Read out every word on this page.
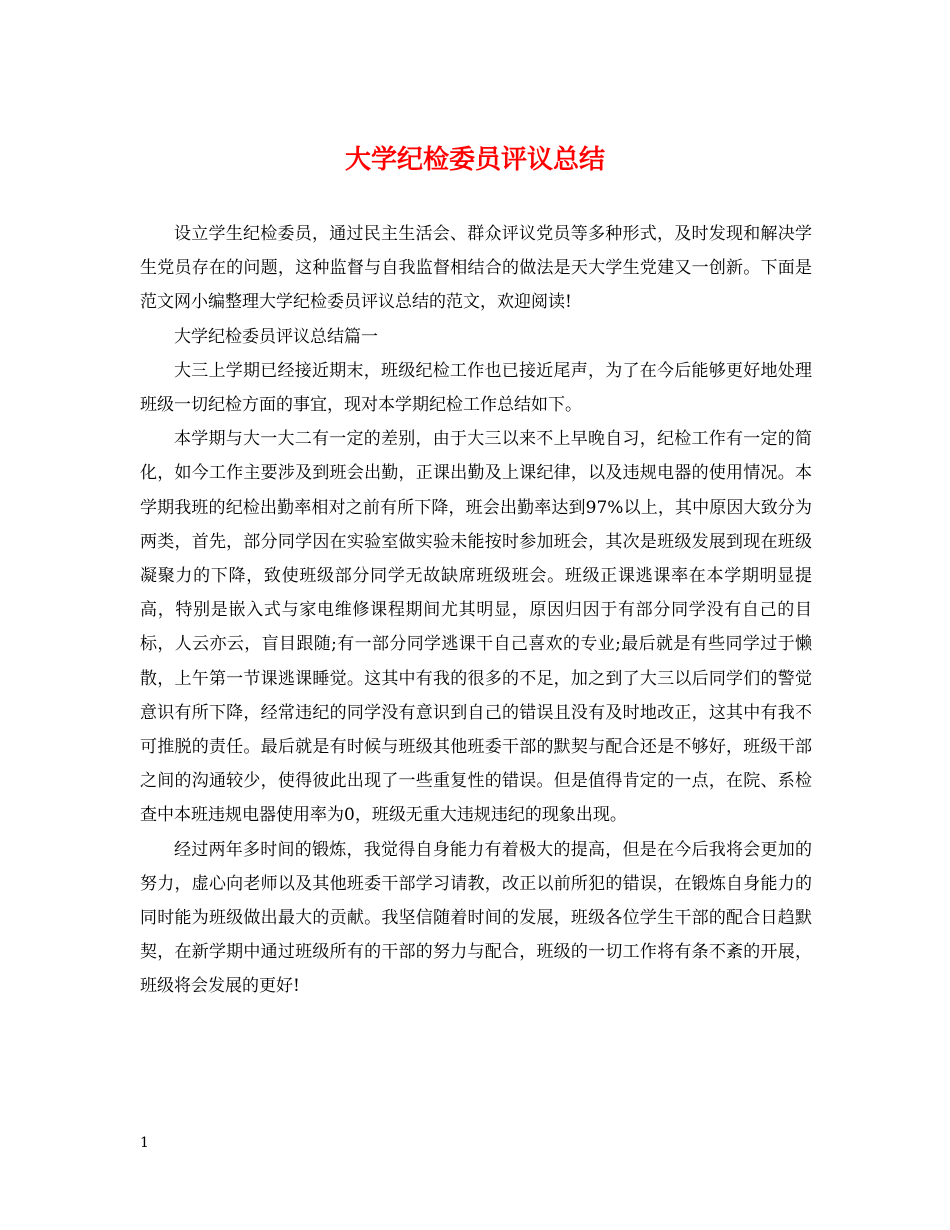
大学纪检委员评议总结

设立学生纪检委员，通过民主生活会、群众评议党员等多种形式，及时发现和解决学生党员存在的问题，这种监督与自我监督相结合的做法是天大学生党建又一创新。下面是范文网小编整理大学纪检委员评议总结的范文，欢迎阅读!

大学纪检委员评议总结篇一

大三上学期已经接近期末，班级纪检工作也已接近尾声，为了在今后能够更好地处理班级一切纪检方面的事宜，现对本学期纪检工作总结如下。

本学期与大一大二有一定的差别，由于大三以来不上早晚自习，纪检工作有一定的简化，如今工作主要涉及到班会出勤，正课出勤及上课纪律，以及违规电器的使用情况。本学期我班的纪检出勤率相对之前有所下降，班会出勤率达到97%以上，其中原因大致分为两类，首先，部分同学因在实验室做实验未能按时参加班会，其次是班级发展到现在班级凝聚力的下降，致使班级部分同学无故缺席班级班会。班级正课逃课率在本学期明显提高，特别是嵌入式与家电维修课程期间尤其明显，原因归因于有部分同学没有自己的目标，人云亦云，盲目跟随;有一部分同学逃课干自己喜欢的专业;最后就是有些同学过于懒散，上午第一节课逃课睡觉。这其中有我的很多的不足，加之到了大三以后同学们的警觉意识有所下降，经常违纪的同学没有意识到自己的错误且没有及时地改正，这其中有我不可推脱的责任。最后就是有时候与班级其他班委干部的默契与配合还是不够好，班级干部之间的沟通较少，使得彼此出现了一些重复性的错误。但是值得肯定的一点，在院、系检查中本班违规电器使用率为0，班级无重大违规违纪的现象出现。

经过两年多时间的锻炼，我觉得自身能力有着极大的提高，但是在今后我将会更加的努力，虚心向老师以及其他班委干部学习请教，改正以前所犯的错误，在锻炼自身能力的同时能为班级做出最大的贡献。我坚信随着时间的发展，班级各位学生干部的配合日趋默契，在新学期中通过班级所有的干部的努力与配合，班级的一切工作将有条不紊的开展，班级将会发展的更好!

1
